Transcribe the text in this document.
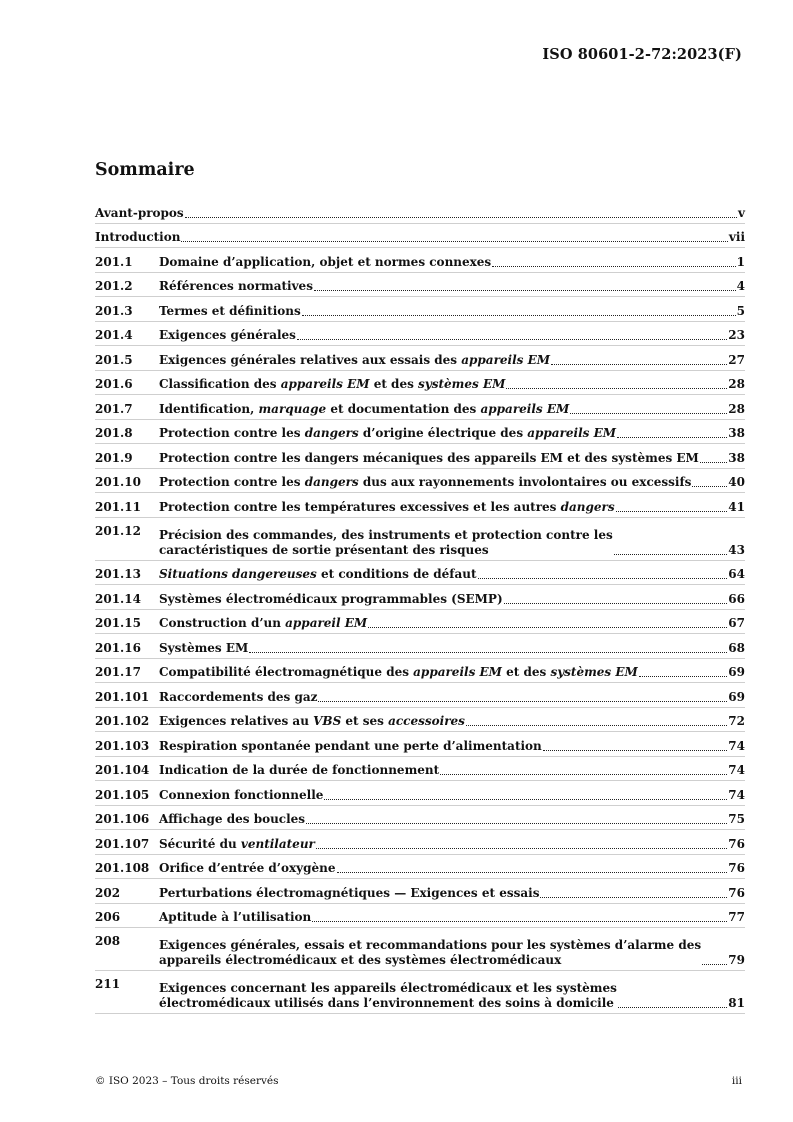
ISO 80601-2-72:2023(F)
Sommaire
Avant-propos	v
Introduction	vii
201.1	Domaine d’application, objet et normes connexes	1
201.2	Références normatives	4
201.3	Termes et définitions	5
201.4	Exigences générales	23
201.5	Exigences générales relatives aux essais des appareils EM	27
201.6	Classification des appareils EM et des systèmes EM	28
201.7	Identification, marquage et documentation des appareils EM	28
201.8	Protection contre les dangers d’origine électrique des appareils EM	38
201.9	Protection contre les dangers mécaniques des appareils EM et des systèmes EM 38
201.10	Protection contre les dangers dus aux rayonnements involontaires ou excessifs	40
201.11	Protection contre les températures excessives et les autres dangers	41
201.12	Précision des commandes, des instruments et protection contre les
caractéristiques de sortie présentant des risques	43
201.13	Situations dangereuses et conditions de défaut	64
201.14	Systèmes électromédicaux programmables (SEMP)	66
201.15	Construction d’un appareil EM	67
201.16	Systèmes EM	68
201.17	Compatibilité électromagnétique des appareils EM et des systèmes EM	69
201.101 Raccordements des gaz	69
201.102 Exigences relatives au VBS et ses accessoires	72
201.103 Respiration spontanée pendant une perte d’alimentation	74
201.104 Indication de la durée de fonctionnement	74
201.105 Connexion fonctionnelle	74
201.106 Affichage des boucles	75
201.107 Sécurité du ventilateur	76
201.108 Orifice d’entrée d’oxygène	76
202	Perturbations électromagnétiques — Exigences et essais	76
206	Aptitude à l’utilisation	77
208	Exigences générales, essais et recommandations pour les systèmes d’alarme des
appareils électromédicaux et des systèmes électromédicaux	79
211	Exigences concernant les appareils électromédicaux et les systèmes
électromédicaux utilisés dans l’environnement des soins à domicile	81
© ISO 2023 – Tous droits réservés	iii
